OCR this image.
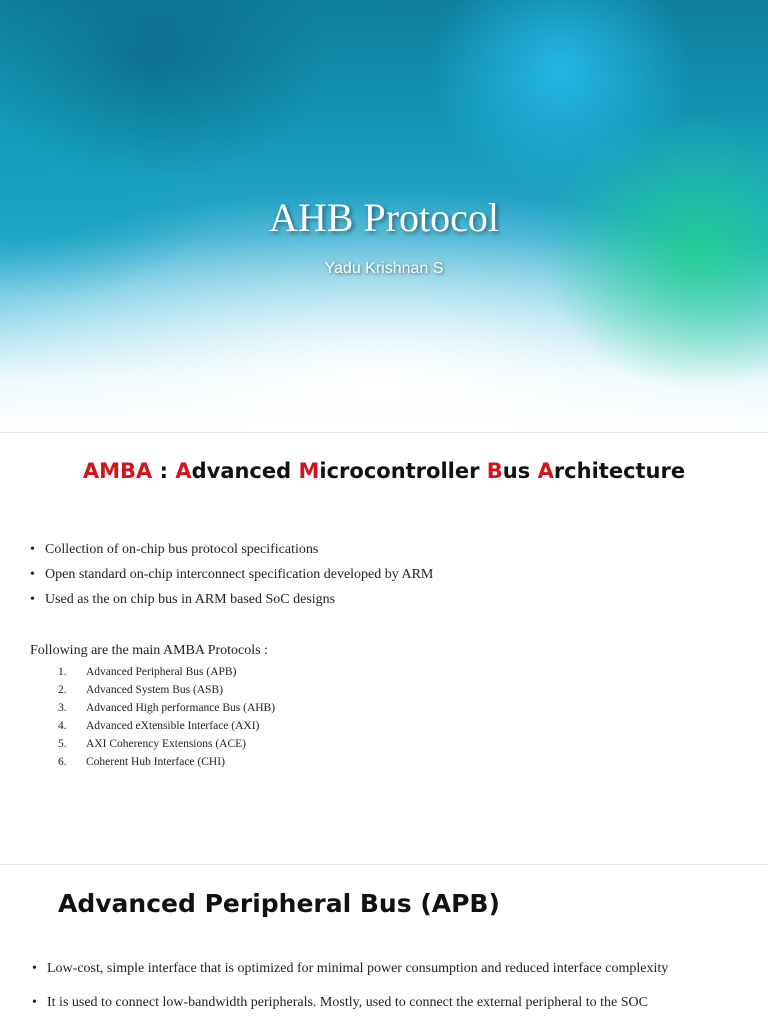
AHB Protocol
Yadu Krishnan S
AMBA : Advanced Microcontroller Bus Architecture
• Collection of on-chip bus protocol specifications
• Open standard on-chip interconnect specification developed by ARM
• Used as the on chip bus in ARM based SoC designs
Following are the main AMBA Protocols :
1. Advanced Peripheral Bus (APB)
2. Advanced System Bus (ASB)
3. Advanced High performance Bus (AHB)
4. Advanced eXtensible Interface (AXI)
5. AXI Coherency Extensions (ACE)
6. Coherent Hub Interface (CHI)
Advanced Peripheral Bus (APB)
• Low-cost, simple interface that is optimized for minimal power consumption and reduced interface complexity
• It is used to connect low-bandwidth peripherals. Mostly, used to connect the external peripheral to the SOC
